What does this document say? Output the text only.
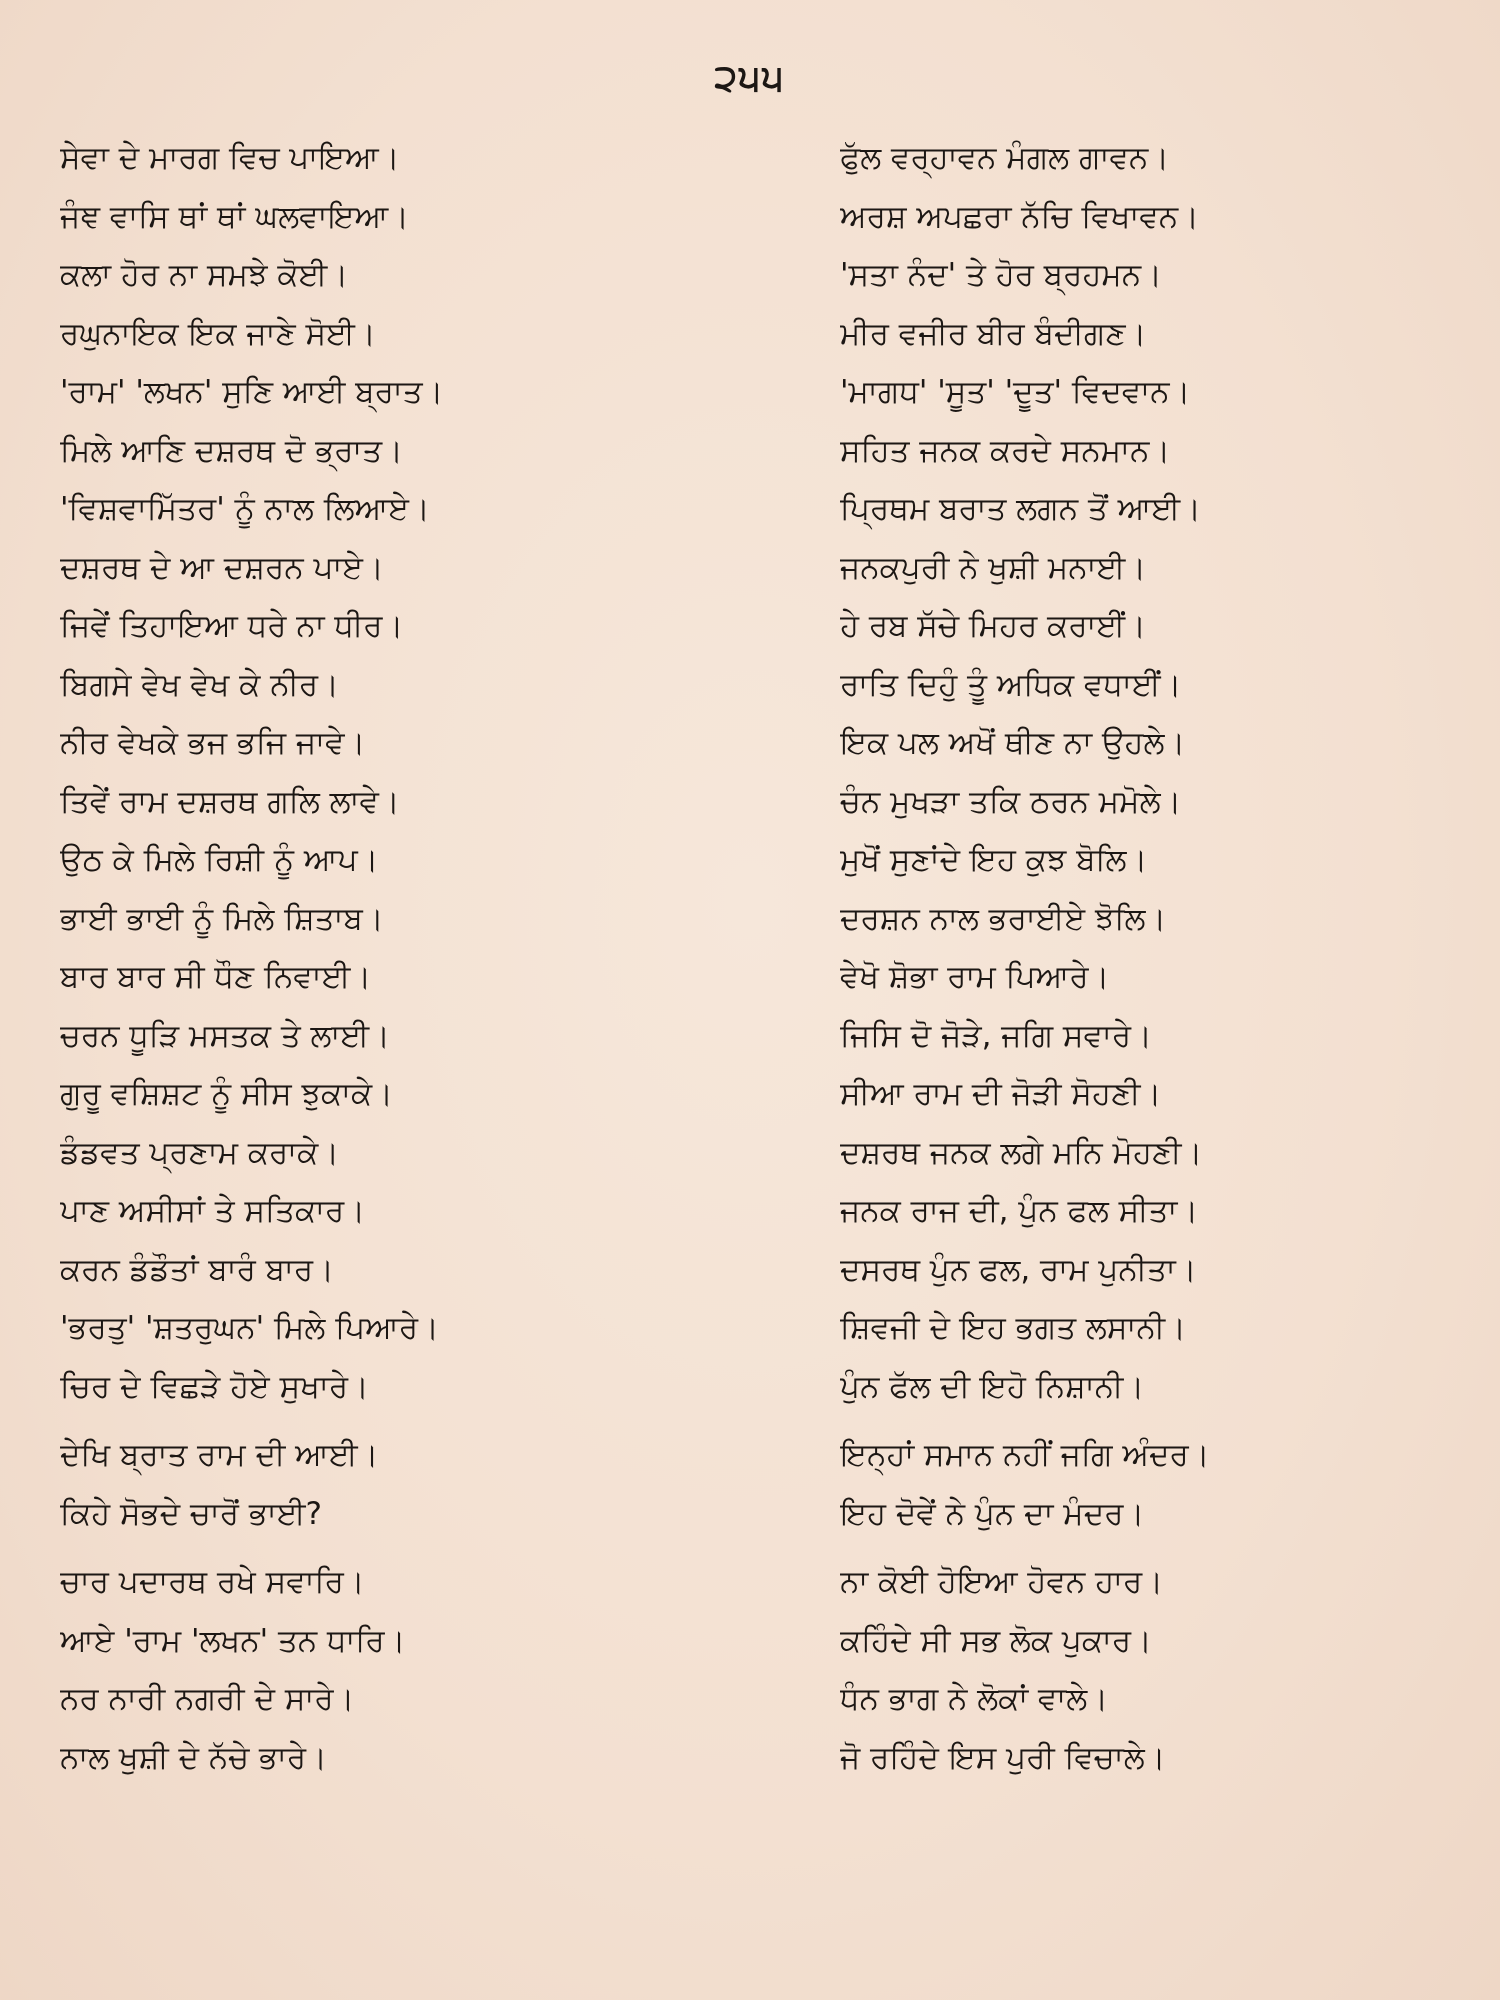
੨੫੫
ਸੇਵਾ ਦੇ ਮਾਰਗ ਵਿਚ ਪਾਇਆ।
ਜੰਞ ਵਾਸਿ ਥਾਂ ਥਾਂ ਘਲਵਾਇਆ।
ਕਲਾ ਹੋਰ ਨਾ ਸਮਝੇ ਕੋਈ।
ਰਘੁਨਾਇਕ ਇਕ ਜਾਣੇ ਸੋਈ।
'ਰਾਮ' 'ਲਖਨ' ਸੁਣਿ ਆਈ ਬ੍ਰਾਤ।
ਮਿਲੇ ਆਣਿ ਦਸ਼ਰਥ ਦੋ ਭ੍ਰਾਤ।
'ਵਿਸ਼ਵਾਮਿੱਤਰ' ਨੂੰ ਨਾਲ ਲਿਆਏ।
ਦਸ਼ਰਥ ਦੇ ਆ ਦਸ਼ਰਨ ਪਾਏ।
ਜਿਵੇਂ ਤਿਹਾਇਆ ਧਰੇ ਨਾ ਧੀਰ।
ਬਿਗਸੇ ਵੇਖ ਵੇਖ ਕੇ ਨੀਰ।
ਨੀਰ ਵੇਖਕੇ ਭਜ ਭਜਿ ਜਾਵੇ।
ਤਿਵੇਂ ਰਾਮ ਦਸ਼ਰਥ ਗਲਿ ਲਾਵੇ।
ਉਠ ਕੇ ਮਿਲੇ ਰਿਸ਼ੀ ਨੂੰ ਆਪ।
ਭਾਈ ਭਾਈ ਨੂੰ ਮਿਲੇ ਸ਼ਿਤਾਬ।
ਬਾਰ ਬਾਰ ਸੀ ਧੌਣ ਨਿਵਾਈ।
ਚਰਨ ਧੂੜਿ ਮਸਤਕ ਤੇ ਲਾਈ।
ਗੁਰੂ ਵਸ਼ਿਸ਼ਟ ਨੂੰ ਸੀਸ ਝੁਕਾਕੇ।
ਡੰਡਵਤ ਪ੍ਰਣਾਮ ਕਰਾਕੇ।
ਪਾਣ ਅਸੀਸਾਂ ਤੇ ਸਤਿਕਾਰ।
ਕਰਨ ਡੰਡੌਤਾਂ ਬਾਰੰ ਬਾਰ।
'ਭਰਤੁ' 'ਸ਼ਤਰੁਘਨ' ਮਿਲੇ ਪਿਆਰੇ।
ਚਿਰ ਦੇ ਵਿਛੜੇ ਹੋਏ ਸੁਖਾਰੇ।
ਦੇਖਿ ਬ੍ਰਾਤ ਰਾਮ ਦੀ ਆਈ।
ਕਿਹੇ ਸੋਭਦੇ ਚਾਰੋਂ ਭਾਈ?
ਚਾਰ ਪਦਾਰਥ ਰਖੇ ਸਵਾਰਿ।
ਆਏ 'ਰਾਮ 'ਲਖਨ' ਤਨ ਧਾਰਿ।
ਨਰ ਨਾਰੀ ਨਗਰੀ ਦੇ ਸਾਰੇ।
ਨਾਲ ਖੁਸ਼ੀ ਦੇ ਨੱਚੇ ਭਾਰੇ।
ਫੁੱਲ ਵਰ੍ਹਾਵਨ ਮੰਗਲ ਗਾਵਨ।
ਅਰਸ਼ ਅਪਛਰਾ ਨੱਚਿ ਵਿਖਾਵਨ।
'ਸਤਾ ਨੰਦ' ਤੇ ਹੋਰ ਬ੍ਰਹਮਨ।
ਮੀਰ ਵਜੀਰ ਬੀਰ ਬੰਦੀਗਣ।
'ਮਾਗਧ' 'ਸੂਤ' 'ਦੂਤ' ਵਿਦਵਾਨ।
ਸਹਿਤ ਜਨਕ ਕਰਦੇ ਸਨਮਾਨ।
ਪ੍ਰਿਥਮ ਬਰਾਤ ਲਗਨ ਤੋਂ ਆਈ।
ਜਨਕਪੁਰੀ ਨੇ ਖੁਸ਼ੀ ਮਨਾਈ।
ਹੇ ਰਬ ਸੱਚੇ ਮਿਹਰ ਕਰਾਈਂ।
ਰਾਤਿ ਦਿਹੁੰ ਤੂੰ ਅਧਿਕ ਵਧਾਈਂ।
ਇਕ ਪਲ ਅਖੋਂ ਥੀਣ ਨਾ ਉਹਲੇ।
ਚੰਨ ਮੁਖੜਾ ਤਕਿ ਠਰਨ ਮਮੋਲੇ।
ਮੁਖੋਂ ਸੁਣਾਂਦੇ ਇਹ ਕੁਝ ਬੋਲਿ।
ਦਰਸ਼ਨ ਨਾਲ ਭਰਾਈਏ ਝੋਲਿ।
ਵੇਖੋ ਸ਼ੋਭਾ ਰਾਮ ਪਿਆਰੇ।
ਜਿਸਿ ਦੋ ਜੋੜੇ, ਜਗਿ ਸਵਾਰੇ।
ਸੀਆ ਰਾਮ ਦੀ ਜੋੜੀ ਸੋਹਣੀ।
ਦਸ਼ਰਥ ਜਨਕ ਲਗੇ ਮਨਿ ਮੋਹਣੀ।
ਜਨਕ ਰਾਜ ਦੀ, ਪੁੰਨ ਫਲ ਸੀਤਾ।
ਦਸਰਥ ਪੁੰਨ ਫਲ, ਰਾਮ ਪੁਨੀਤਾ।
ਸ਼ਿਵਜੀ ਦੇ ਇਹ ਭਗਤ ਲਸਾਨੀ।
ਪੁੰਨ ਫੱਲ ਦੀ ਇਹੋ ਨਿਸ਼ਾਨੀ।
ਇਨ੍ਹਾਂ ਸਮਾਨ ਨਹੀਂ ਜਗਿ ਅੰਦਰ।
ਇਹ ਦੋਵੇਂ ਨੇ ਪੁੰਨ ਦਾ ਮੰਦਰ।
ਨਾ ਕੋਈ ਹੋਇਆ ਹੋਵਨ ਹਾਰ।
ਕਹਿੰਦੇ ਸੀ ਸਭ ਲੋਕ ਪੁਕਾਰ।
ਧੰਨ ਭਾਗ ਨੇ ਲੋਕਾਂ ਵਾਲੇ।
ਜੋ ਰਹਿੰਦੇ ਇਸ ਪੁਰੀ ਵਿਚਾਲੇ।
